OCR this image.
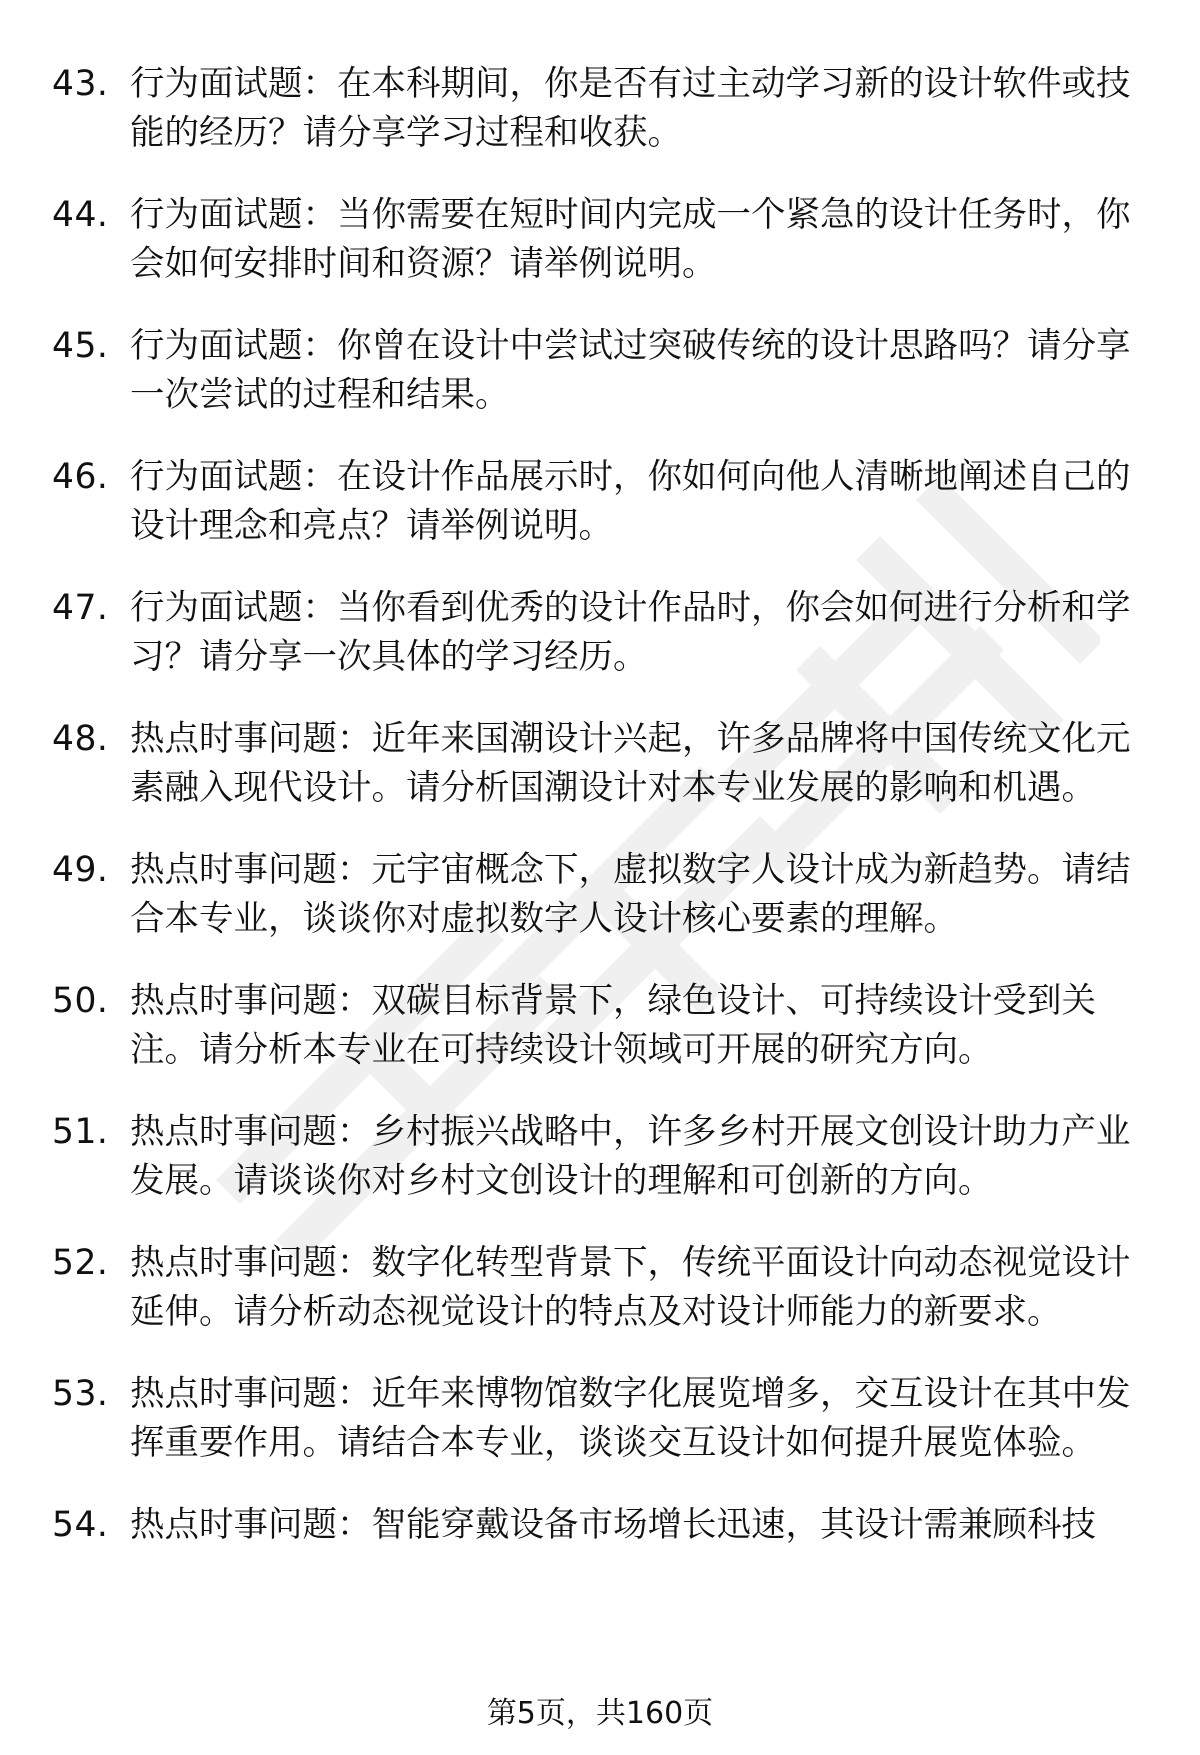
43. 行为面试题：在本科期间，你是否有过主动学习新的设计软件或技能的经历？请分享学习过程和收获。
44. 行为面试题：当你需要在短时间内完成一个紧急的设计任务时，你会如何安排时间和资源？请举例说明。
45. 行为面试题：你曾在设计中尝试过突破传统的设计思路吗？请分享一次尝试的过程和结果。
46. 行为面试题：在设计作品展示时，你如何向他人清晰地阐述自己的设计理念和亮点？请举例说明。
47. 行为面试题：当你看到优秀的设计作品时，你会如何进行分析和学习？请分享一次具体的学习经历。
48. 热点时事问题：近年来国潮设计兴起，许多品牌将中国传统文化元素融入现代设计。请分析国潮设计对本专业发展的影响和机遇。
49. 热点时事问题：元宇宙概念下，虚拟数字人设计成为新趋势。请结合本专业，谈谈你对虚拟数字人设计核心要素的理解。
50. 热点时事问题：双碳目标背景下，绿色设计、可持续设计受到关注。请分析本专业在可持续设计领域可开展的研究方向。
51. 热点时事问题：乡村振兴战略中，许多乡村开展文创设计助力产业发展。请谈谈你对乡村文创设计的理解和可创新的方向。
52. 热点时事问题：数字化转型背景下，传统平面设计向动态视觉设计延伸。请分析动态视觉设计的特点及对设计师能力的新要求。
53. 热点时事问题：近年来博物馆数字化展览增多，交互设计在其中发挥重要作用。请结合本专业，谈谈交互设计如何提升展览体验。
54. 热点时事问题：智能穿戴设备市场增长迅速，其设计需兼顾科技
第5页，共160页
